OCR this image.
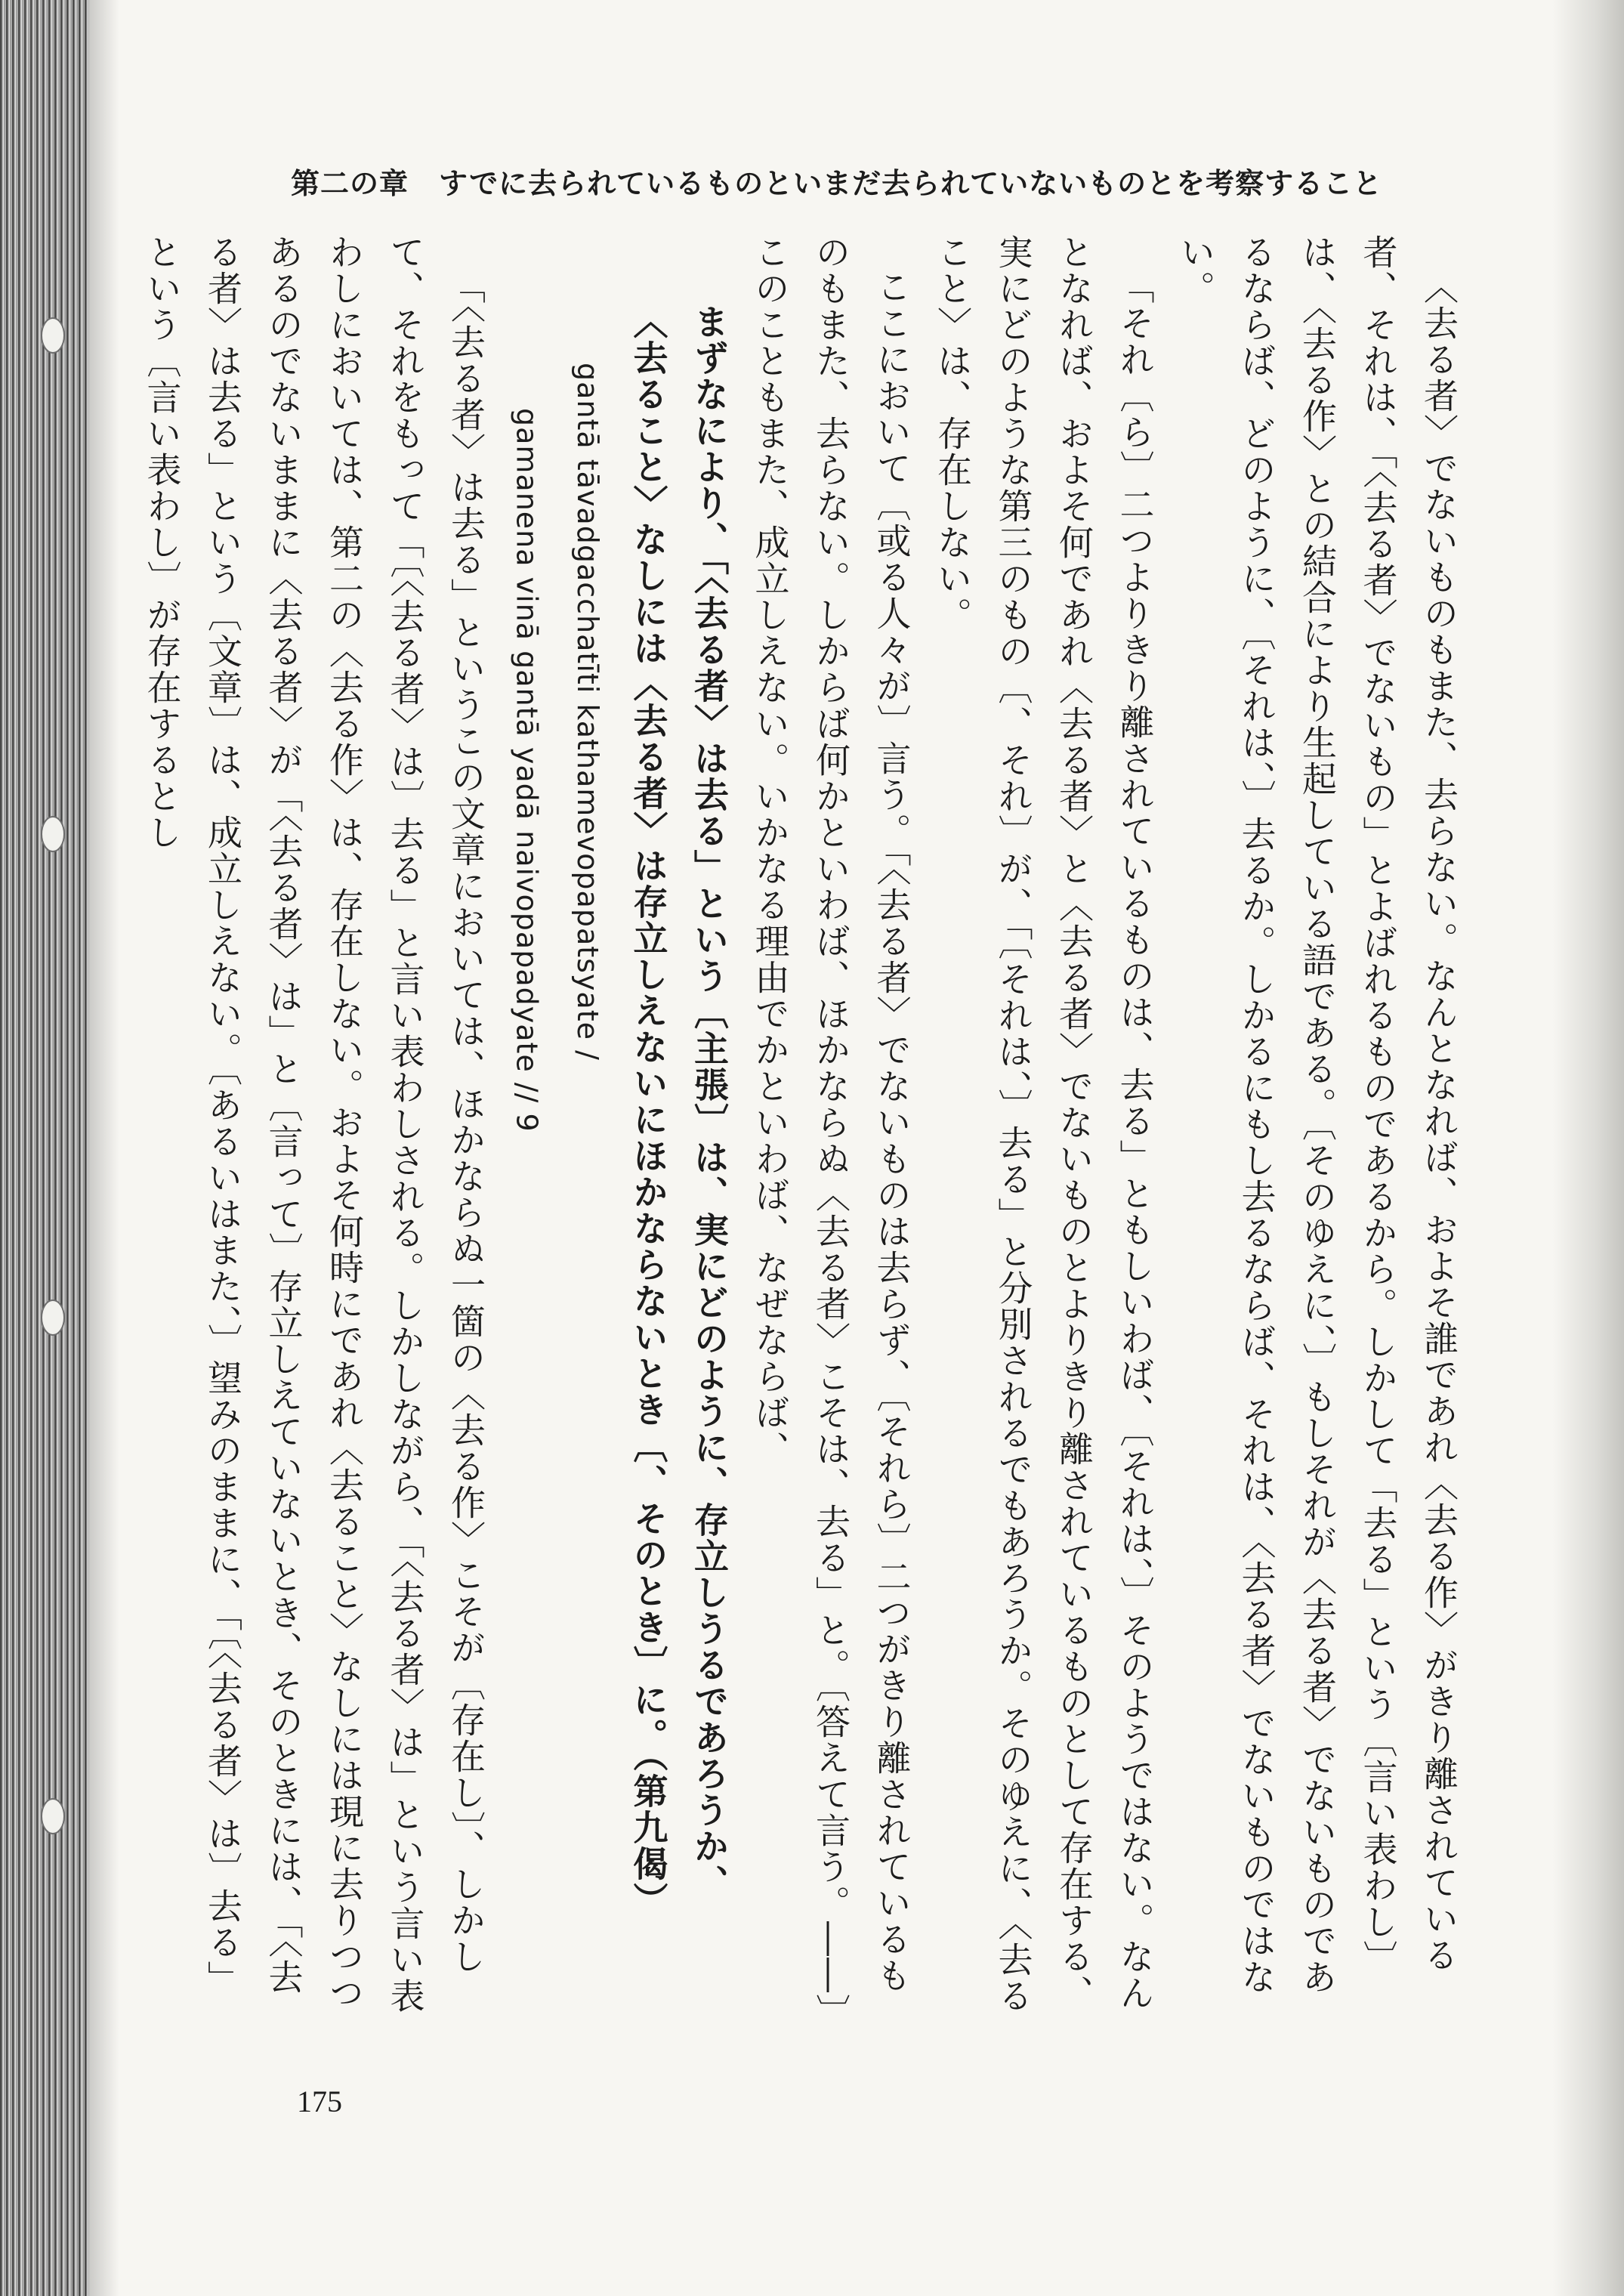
第二の章 すでに去られているものといまだ去られていないものとを考察すること

〈去る者〉でないものもまた、去らない。なんとなれば、およそ誰であれ〈去る作〉がきり離されている者、それは、「〈去る者〉でないもの」とよばれるものであるから。しかして「去る」という〔言い表わし〕は、〈去る作〉との結合により生起している語である。〔そのゆえに、〕もしそれが〈去る者〉でないものであるならば、どのように、〔それは、〕去るか。しかるにもし去るならば、それは、〈去る者〉でないものではない。

「それ〔ら〕二つよりきり離されているものは、去る」ともしいわば、〔それは、〕そのようではない。なんとなれば、およそ何であれ〈去る者〉と〈去る者〉でないものとよりきり離されているものとして存在する、実にどのような第三のもの〔、それ〕が、「〔それは、〕去る」と分別されるでもあろうか。そのゆえに、〈去ること〉は、存在しない。

ここにおいて〔或る人々が〕言う。「〈去る者〉でないものは去らず、〔それら〕二つがきり離されているものもまた、去らない。しからば何かといわば、ほかならぬ〈去る者〉こそは、去る」と。〔答えて言う。――〕このこともまた、成立しえない。いかなる理由でかといわば、なぜならば、

まずなにより、「〈去る者〉は去る」という〔主張〕は、実にどのように、存立しうるであろうか、

〈去ること〉なしには〈去る者〉は存立しえないにほかならないとき〔、そのとき〕に。（第九偈）

gantā tāvadgacchatīti kathamevopapatsyate /

gamanena vinā gantā yadā naivopapadyate // 9

「〈去る者〉は去る」というこの文章においては、ほかならぬ一箇の〈去る作〉こそが〔存在し〕、しかして、それをもって「〔〈去る者〉は〕去る」と言い表わしされる。しかしながら、「〈去る者〉は」という言い表わしにおいては、第二の〈去る作〉は、存在しない。およそ何時にであれ〈去ること〉なしには現に去りつつあるのでないままに〈去る者〉が「〈去る者〉は」と〔言って〕存立しえていないとき、そのときには、「〈去る者〉は去る」という〔文章〕は、成立しえない。〔あるいはまた、〕望みのままに、「〔〈去る者〉は〕去る」という〔言い表わし〕が存在するとし

175
